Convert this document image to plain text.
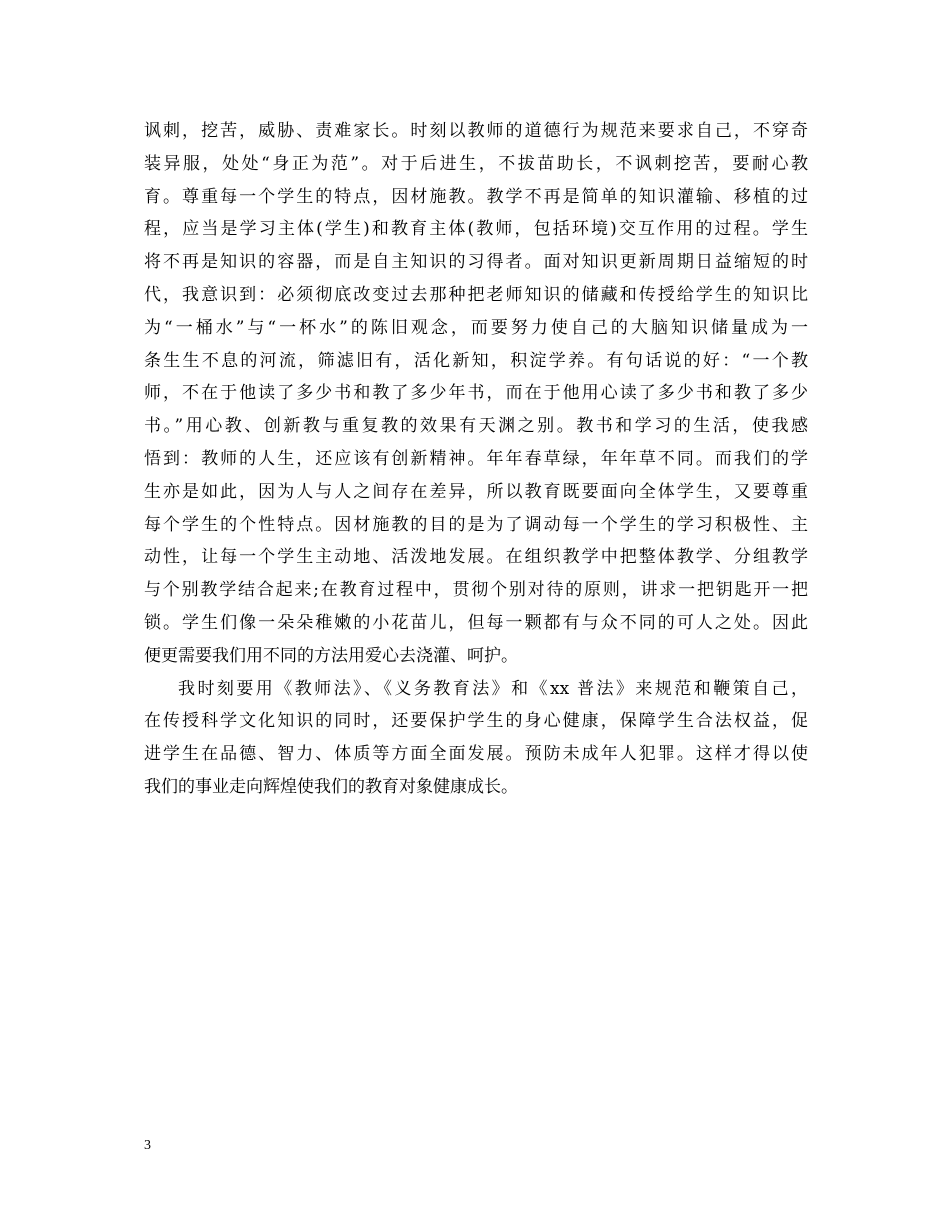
讽刺，挖苦，威胁、责难家长。时刻以教师的道德行为规范来要求自己，不穿奇
装异服，处处“身正为范”。对于后进生，不拔苗助长，不讽刺挖苦，要耐心教
育。尊重每一个学生的特点，因材施教。教学不再是简单的知识灌输、移植的过
程，应当是学习主体(学生)和教育主体(教师，包括环境)交互作用的过程。学生
将不再是知识的容器，而是自主知识的习得者。面对知识更新周期日益缩短的时
代，我意识到：必须彻底改变过去那种把老师知识的储藏和传授给学生的知识比
为“一桶水”与“一杯水”的陈旧观念，而要努力使自己的大脑知识储量成为一
条生生不息的河流，筛滤旧有，活化新知，积淀学养。有句话说的好：“一个教
师，不在于他读了多少书和教了多少年书，而在于他用心读了多少书和教了多少
书。”用心教、创新教与重复教的效果有天渊之别。教书和学习的生活，使我感
悟到：教师的人生，还应该有创新精神。年年春草绿，年年草不同。而我们的学
生亦是如此，因为人与人之间存在差异，所以教育既要面向全体学生，又要尊重
每个学生的个性特点。因材施教的目的是为了调动每一个学生的学习积极性、主
动性，让每一个学生主动地、活泼地发展。在组织教学中把整体教学、分组教学
与个别教学结合起来;在教育过程中，贯彻个别对待的原则，讲求一把钥匙开一把
锁。学生们像一朵朵稚嫩的小花苗儿，但每一颗都有与众不同的可人之处。因此
便更需要我们用不同的方法用爱心去浇灌、呵护。

我时刻要用《教师法》、《义务教育法》和《xx 普法》来规范和鞭策自己，
在传授科学文化知识的同时，还要保护学生的身心健康，保障学生合法权益，促
进学生在品德、智力、体质等方面全面发展。预防未成年人犯罪。这样才得以使
我们的事业走向辉煌使我们的教育对象健康成长。

3
